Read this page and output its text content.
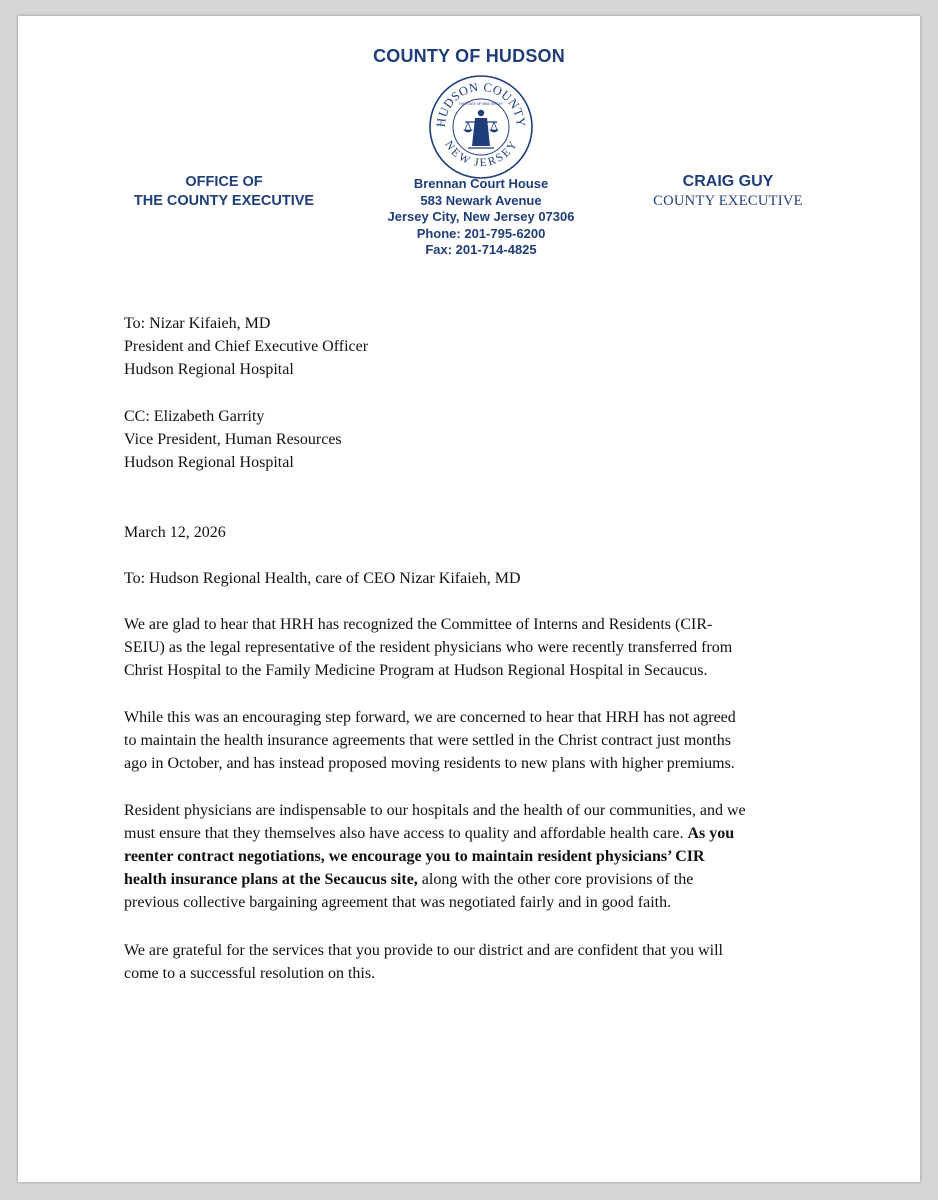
COUNTY OF HUDSON
HUDSON COUNTY
NEW JERSEY
THE STATE OF NEW JERSEY
OFFICE OF
THE COUNTY EXECUTIVE
Brennan Court House
583 Newark Avenue
Jersey City, New Jersey 07306
Phone: 201-795-6200
Fax: 201-714-4825
CRAIG GUY
COUNTY EXECUTIVE
To: Nizar Kifaieh, MD
President and Chief Executive Officer
Hudson Regional Hospital
CC: Elizabeth Garrity
Vice President, Human Resources
Hudson Regional Hospital
March 12, 2026
To: Hudson Regional Health, care of CEO Nizar Kifaieh, MD
We are glad to hear that HRH has recognized the Committee of Interns and Residents (CIR-
SEIU) as the legal representative of the resident physicians who were recently transferred from
Christ Hospital to the Family Medicine Program at Hudson Regional Hospital in Secaucus.
While this was an encouraging step forward, we are concerned to hear that HRH has not agreed
to maintain the health insurance agreements that were settled in the Christ contract just months
ago in October, and has instead proposed moving residents to new plans with higher premiums.
Resident physicians are indispensable to our hospitals and the health of our communities, and we
must ensure that they themselves also have access to quality and affordable health care. As you
reenter contract negotiations, we encourage you to maintain resident physicians’ CIR
health insurance plans at the Secaucus site, along with the other core provisions of the
previous collective bargaining agreement that was negotiated fairly and in good faith.
We are grateful for the services that you provide to our district and are confident that you will
come to a successful resolution on this.
